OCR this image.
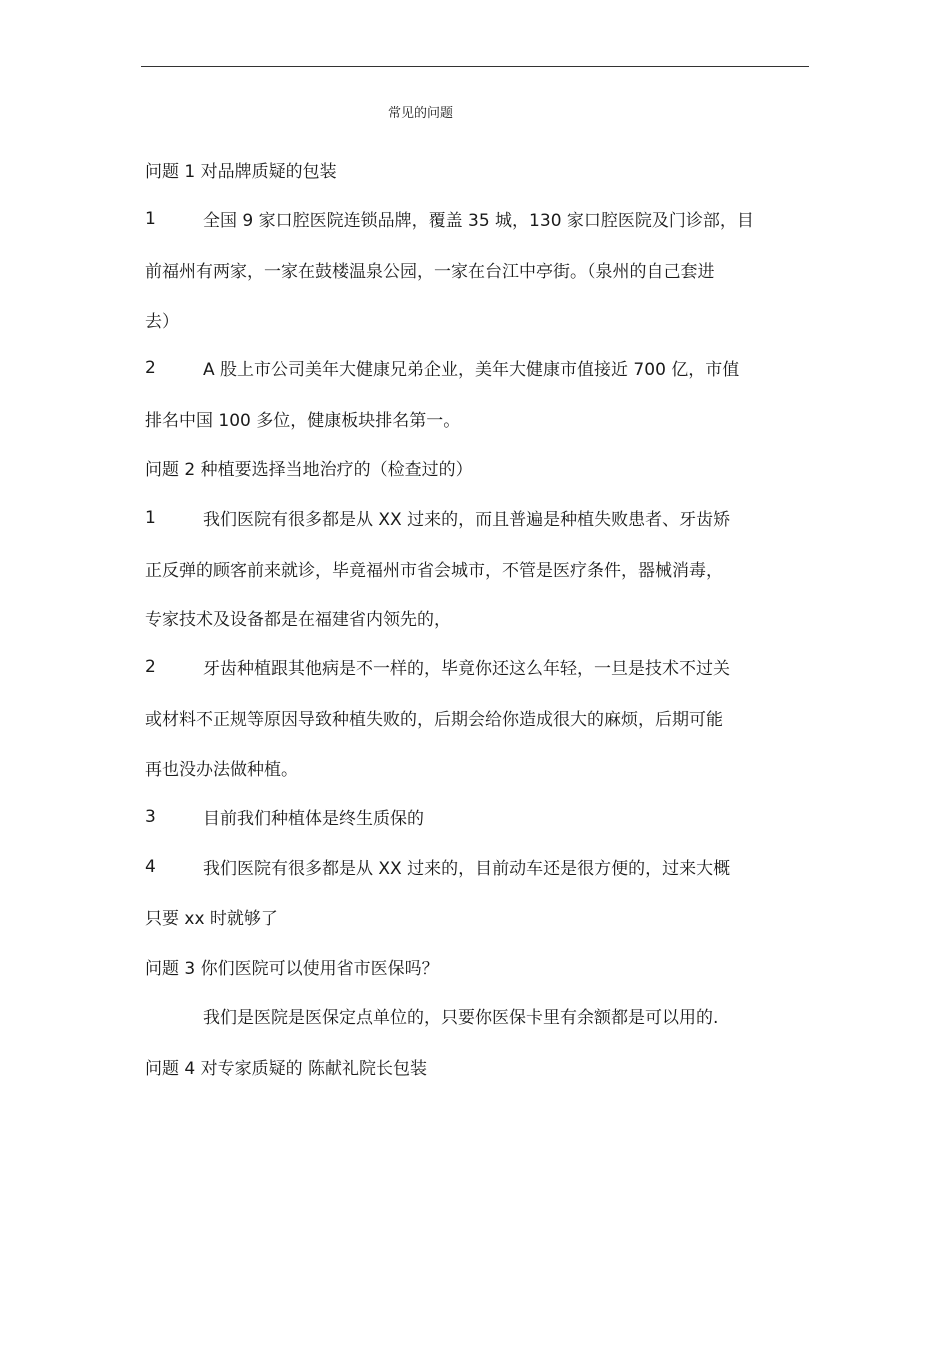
常见的问题
问题 1 对品牌质疑的包装
1	全国 9 家口腔医院连锁品牌，覆盖 35 城，130 家口腔医院及门诊部，目
前福州有两家，一家在鼓楼温泉公园，一家在台江中亭街。（泉州的自己套进
去）
2	A 股上市公司美年大健康兄弟企业，美年大健康市值接近 700 亿，市值
排名中国 100 多位，健康板块排名第一。
问题 2 种植要选择当地治疗的（检查过的）
1	我们医院有很多都是从 XX 过来的，而且普遍是种植失败患者、牙齿矫
正反弹的顾客前来就诊，毕竟福州市省会城市，不管是医疗条件，器械消毒，
专家技术及设备都是在福建省内领先的，
2	牙齿种植跟其他病是不一样的，毕竟你还这么年轻，一旦是技术不过关
或材料不正规等原因导致种植失败的，后期会给你造成很大的麻烦，后期可能
再也没办法做种植。
3	目前我们种植体是终生质保的
4	我们医院有很多都是从 XX 过来的，目前动车还是很方便的，过来大概
只要 xx 时就够了
问题 3 你们医院可以使用省市医保吗？
我们是医院是医保定点单位的，只要你医保卡里有余额都是可以用的.
问题 4 对专家质疑的 陈献礼院长包装
